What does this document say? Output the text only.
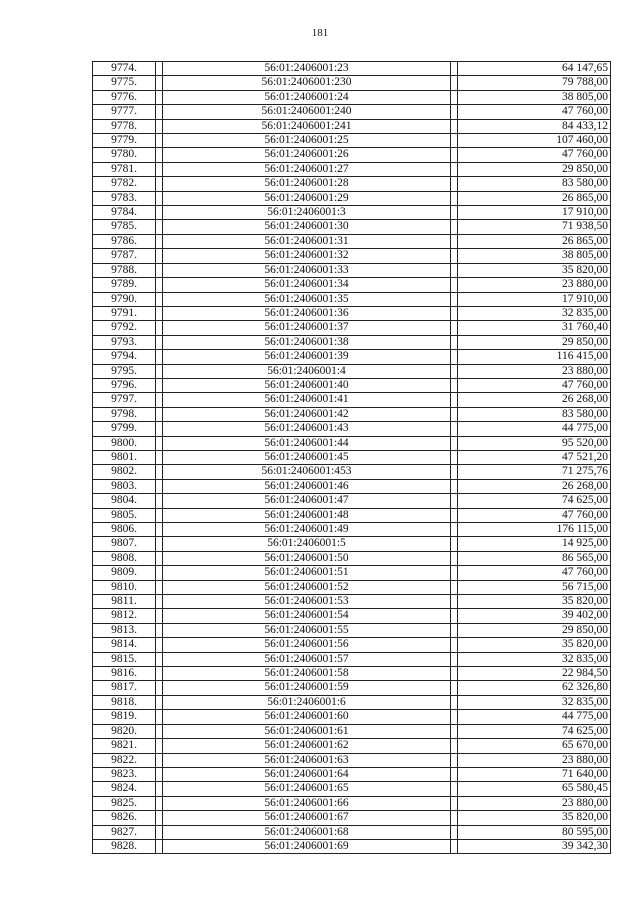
181
9774.		56:01:2406001:23		64 147,65
9775.		56:01:2406001:230		79 788,00
9776.		56:01:2406001:24		38 805,00
9777.		56:01:2406001:240		47 760,00
9778.		56:01:2406001:241		84 433,12
9779.		56:01:2406001:25		107 460,00
9780.		56:01:2406001:26		47 760,00
9781.		56:01:2406001:27		29 850,00
9782.		56:01:2406001:28		83 580,00
9783.		56:01:2406001:29		26 865,00
9784.		56:01:2406001:3		17 910,00
9785.		56:01:2406001:30		71 938,50
9786.		56:01:2406001:31		26 865,00
9787.		56:01:2406001:32		38 805,00
9788.		56:01:2406001:33		35 820,00
9789.		56:01:2406001:34		23 880,00
9790.		56:01:2406001:35		17 910,00
9791.		56:01:2406001:36		32 835,00
9792.		56:01:2406001:37		31 760,40
9793.		56:01:2406001:38		29 850,00
9794.		56:01:2406001:39		116 415,00
9795.		56:01:2406001:4		23 880,00
9796.		56:01:2406001:40		47 760,00
9797.		56:01:2406001:41		26 268,00
9798.		56:01:2406001:42		83 580,00
9799.		56:01:2406001:43		44 775,00
9800.		56:01:2406001:44		95 520,00
9801.		56:01:2406001:45		47 521,20
9802.		56:01:2406001:453		71 275,76
9803.		56:01:2406001:46		26 268,00
9804.		56:01:2406001:47		74 625,00
9805.		56:01:2406001:48		47 760,00
9806.		56:01:2406001:49		176 115,00
9807.		56:01:2406001:5		14 925,00
9808.		56:01:2406001:50		86 565,00
9809.		56:01:2406001:51		47 760,00
9810.		56:01:2406001:52		56 715,00
9811.		56:01:2406001:53		35 820,00
9812.		56:01:2406001:54		39 402,00
9813.		56:01:2406001:55		29 850,00
9814.		56:01:2406001:56		35 820,00
9815.		56:01:2406001:57		32 835,00
9816.		56:01:2406001:58		22 984,50
9817.		56:01:2406001:59		62 326,80
9818.		56:01:2406001:6		32 835,00
9819.		56:01:2406001:60		44 775,00
9820.		56:01:2406001:61		74 625,00
9821.		56:01:2406001:62		65 670,00
9822.		56:01:2406001:63		23 880,00
9823.		56:01:2406001:64		71 640,00
9824.		56:01:2406001:65		65 580,45
9825.		56:01:2406001:66		23 880,00
9826.		56:01:2406001:67		35 820,00
9827.		56:01:2406001:68		80 595,00
9828.		56:01:2406001:69		39 342,30
